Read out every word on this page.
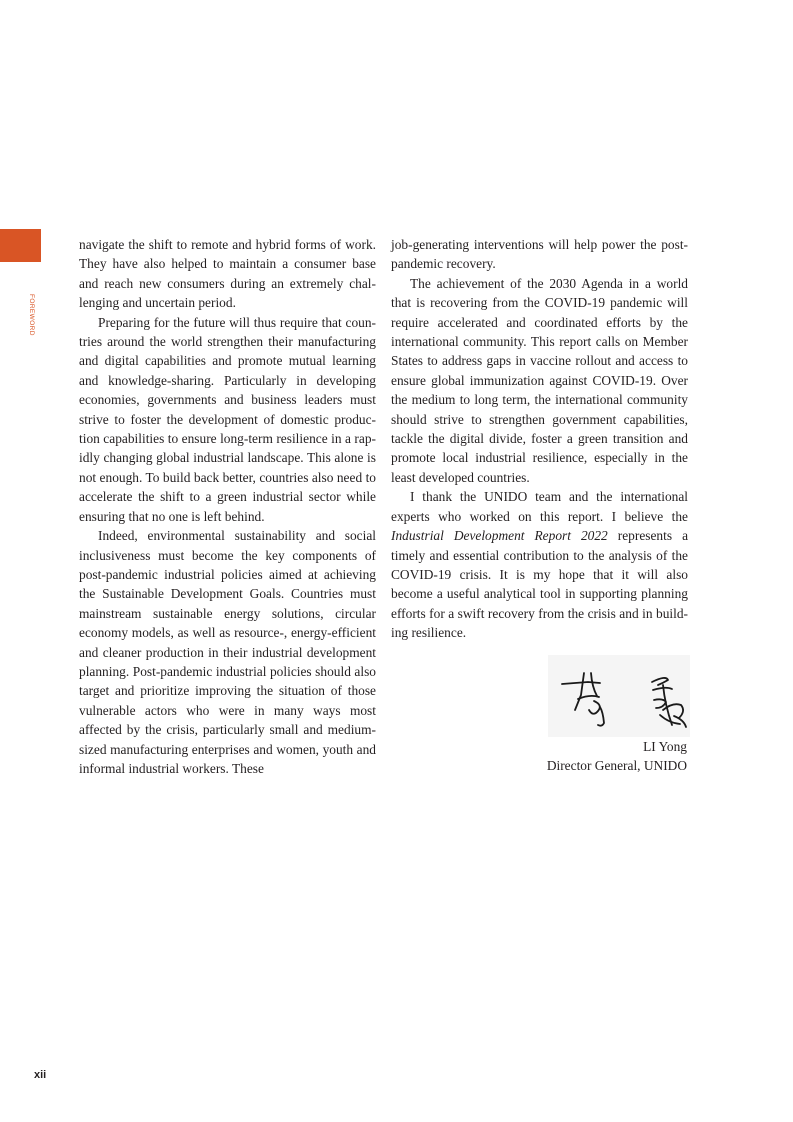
FOREWORD

navigate the shift to remote and hybrid forms of work. They have also helped to maintain a consumer base and reach new consumers during an extremely challenging and uncertain period.

Preparing for the future will thus require that countries around the world strengthen their manufacturing and digital capabilities and promote mutual learning and knowledge-sharing. Particularly in developing economies, governments and business leaders must strive to foster the development of domestic production capabilities to ensure long-term resilience in a rapidly changing global industrial landscape. This alone is not enough. To build back better, countries also need to accelerate the shift to a green industrial sector while ensuring that no one is left behind.

Indeed, environmental sustainability and social inclusiveness must become the key components of post-pandemic industrial policies aimed at achieving the Sustainable Development Goals. Countries must mainstream sustainable energy solutions, circular economy models, as well as resource-, energy-efficient and cleaner production in their industrial development planning. Post-pandemic industrial policies should also target and prioritize improving the situation of those vulnerable actors who were in many ways most affected by the crisis, particularly small and medium-sized manufacturing enterprises and women, youth and informal industrial workers. These

job-generating interventions will help power the post-pandemic recovery.

The achievement of the 2030 Agenda in a world that is recovering from the COVID-19 pandemic will require accelerated and coordinated efforts by the international community. This report calls on Member States to address gaps in vaccine rollout and access to ensure global immunization against COVID-19. Over the medium to long term, the international community should strive to strengthen government capabilities, tackle the digital divide, foster a green transition and promote local industrial resilience, especially in the least developed countries.

I thank the UNIDO team and the international experts who worked on this report. I believe the Industrial Development Report 2022 represents a timely and essential contribution to the analysis of the COVID-19 crisis. It is my hope that it will also become a useful analytical tool in supporting planning efforts for a swift recovery from the crisis and in building resilience.

LI Yong
Director General, UNIDO
xii
